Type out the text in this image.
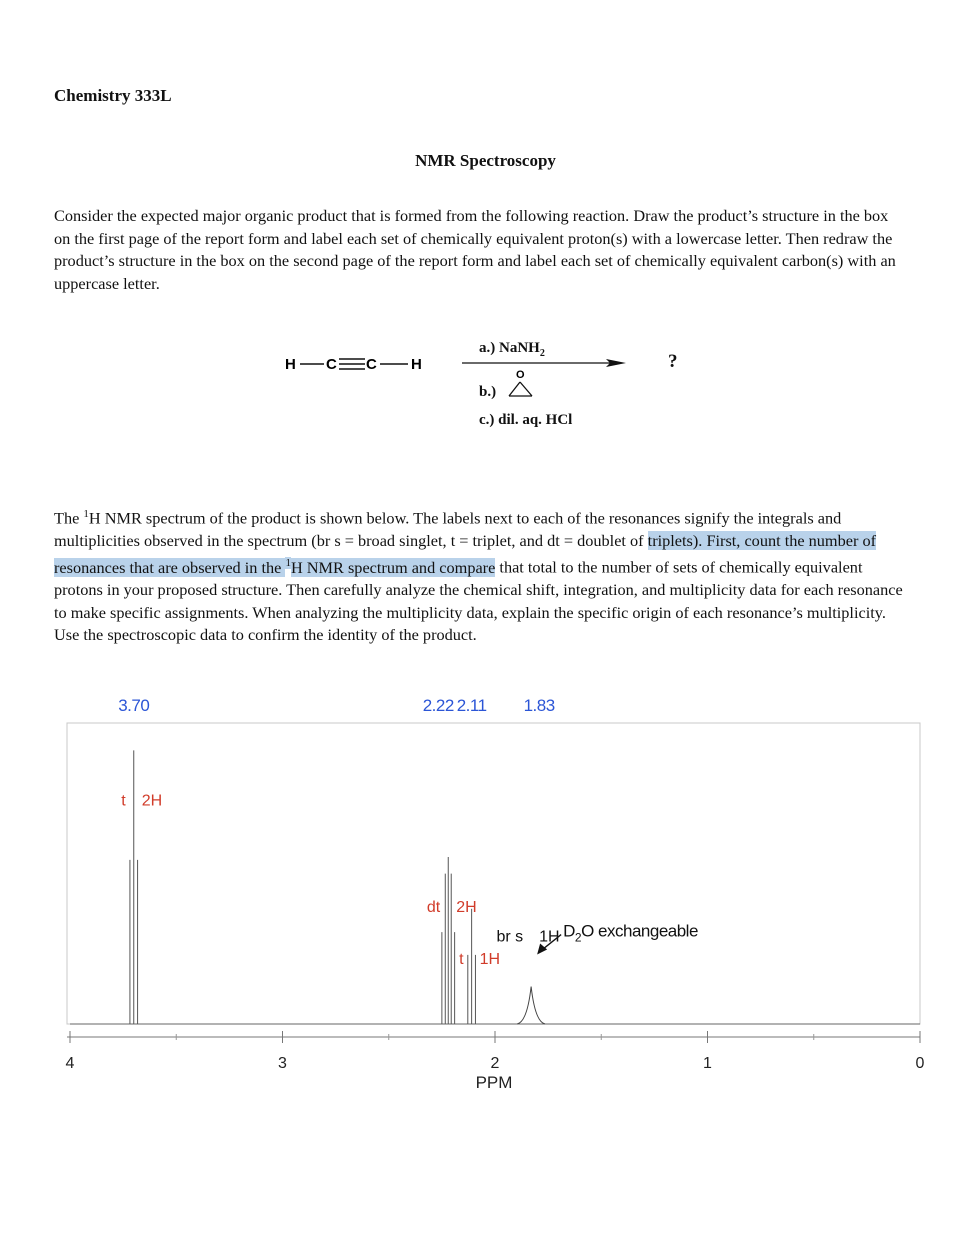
Chemistry 333L
NMR Spectroscopy

Consider the expected major organic product that is formed from the following reaction. Draw the product’s structure in the box on the first page of the report form and label each set of chemically equivalent proton(s) with a lowercase letter. Then redraw the product’s structure in the box on the second page of the report form and label each set of chemically equivalent carbon(s) with an uppercase letter.

H C C H
a.) NaNH$_2$
b.)
O
c.) dil. aq. HCl
?

The $^1$H NMR spectrum of the product is shown below. The labels next to each of the resonances signify the integrals and multiplicities observed in the spectrum (br s = broad singlet, t = triplet, and dt = doublet of triplets). First, count the number of resonances that are observed in the $^1$H NMR spectrum and compare that total to the number of sets of chemically equivalent protons in your proposed structure. Then carefully analyze the chemical shift, integration, and multiplicity data for each resonance to make specific assignments. When analyzing the multiplicity data, explain the specific origin of each resonance’s multiplicity. Use the spectroscopic data to confirm the identity of the product.

4	3	2	1	0
3.70
t 2H
2.22
dt 2H
2.11
t 1H
1.83
br s 1H $D_2O$ exchangeable
PPM
